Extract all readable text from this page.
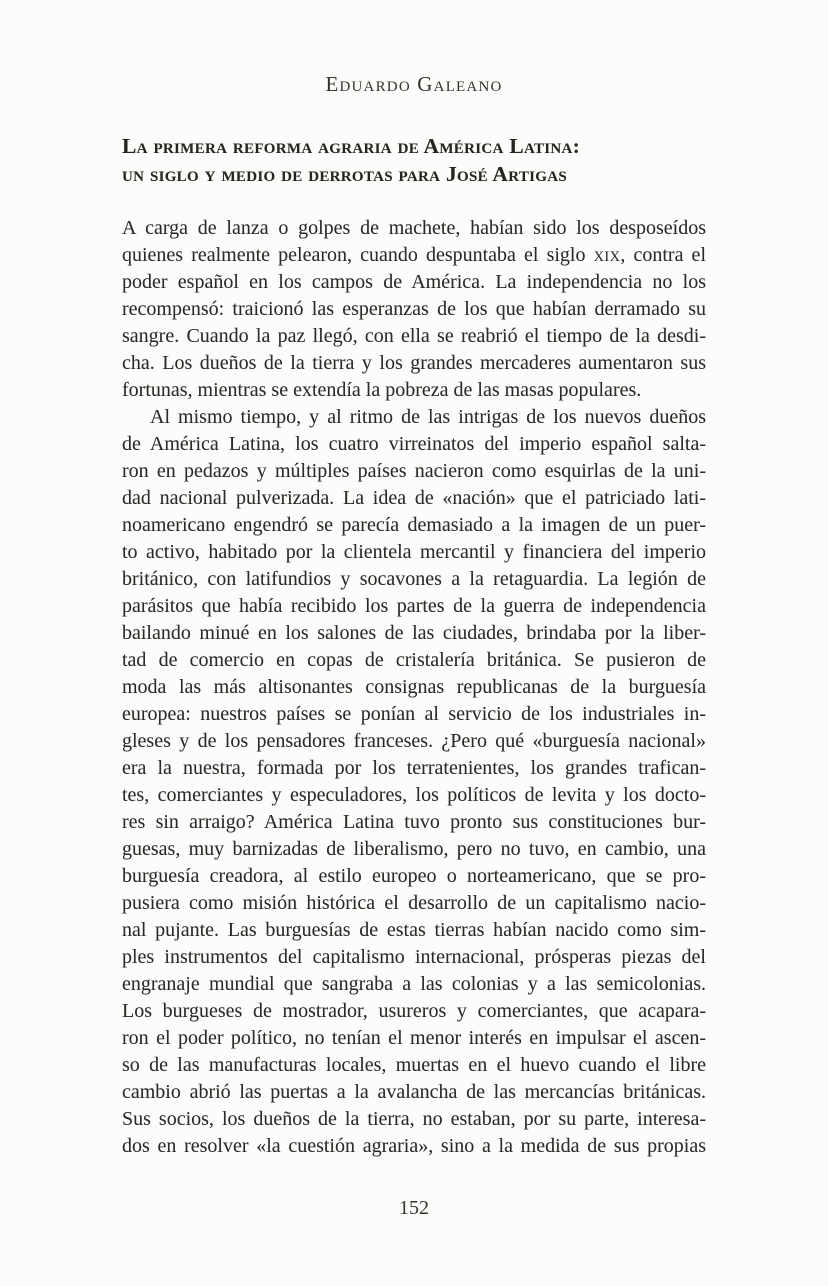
Eduardo Galeano
La primera reforma agraria de América Latina:
un siglo y medio de derrotas para José Artigas
A carga de lanza o golpes de machete, habían sido los desposeídos
quienes realmente pelearon, cuando despuntaba el siglo XIX, contra el
poder español en los campos de América. La independencia no los
recompensó: traicionó las esperanzas de los que habían derramado su
sangre. Cuando la paz llegó, con ella se reabrió el tiempo de la desdi-
cha. Los dueños de la tierra y los grandes mercaderes aumentaron sus
fortunas, mientras se extendía la pobreza de las masas populares.
Al mismo tiempo, y al ritmo de las intrigas de los nuevos dueños
de América Latina, los cuatro virreinatos del imperio español salta-
ron en pedazos y múltiples países nacieron como esquirlas de la uni-
dad nacional pulverizada. La idea de «nación» que el patriciado lati-
noamericano engendró se parecía demasiado a la imagen de un puer-
to activo, habitado por la clientela mercantil y financiera del imperio
británico, con latifundios y socavones a la retaguardia. La legión de
parásitos que había recibido los partes de la guerra de independencia
bailando minué en los salones de las ciudades, brindaba por la liber-
tad de comercio en copas de cristalería británica. Se pusieron de
moda las más altisonantes consignas republicanas de la burguesía
europea: nuestros países se ponían al servicio de los industriales in-
gleses y de los pensadores franceses. ¿Pero qué «burguesía nacional»
era la nuestra, formada por los terratenientes, los grandes trafican-
tes, comerciantes y especuladores, los políticos de levita y los docto-
res sin arraigo? América Latina tuvo pronto sus constituciones bur-
guesas, muy barnizadas de liberalismo, pero no tuvo, en cambio, una
burguesía creadora, al estilo europeo o norteamericano, que se pro-
pusiera como misión histórica el desarrollo de un capitalismo nacio-
nal pujante. Las burguesías de estas tierras habían nacido como sim-
ples instrumentos del capitalismo internacional, prósperas piezas del
engranaje mundial que sangraba a las colonias y a las semicolonias.
Los burgueses de mostrador, usureros y comerciantes, que acapara-
ron el poder político, no tenían el menor interés en impulsar el ascen-
so de las manufacturas locales, muertas en el huevo cuando el libre
cambio abrió las puertas a la avalancha de las mercancías británicas.
Sus socios, los dueños de la tierra, no estaban, por su parte, interesa-
dos en resolver «la cuestión agraria», sino a la medida de sus propias
152
